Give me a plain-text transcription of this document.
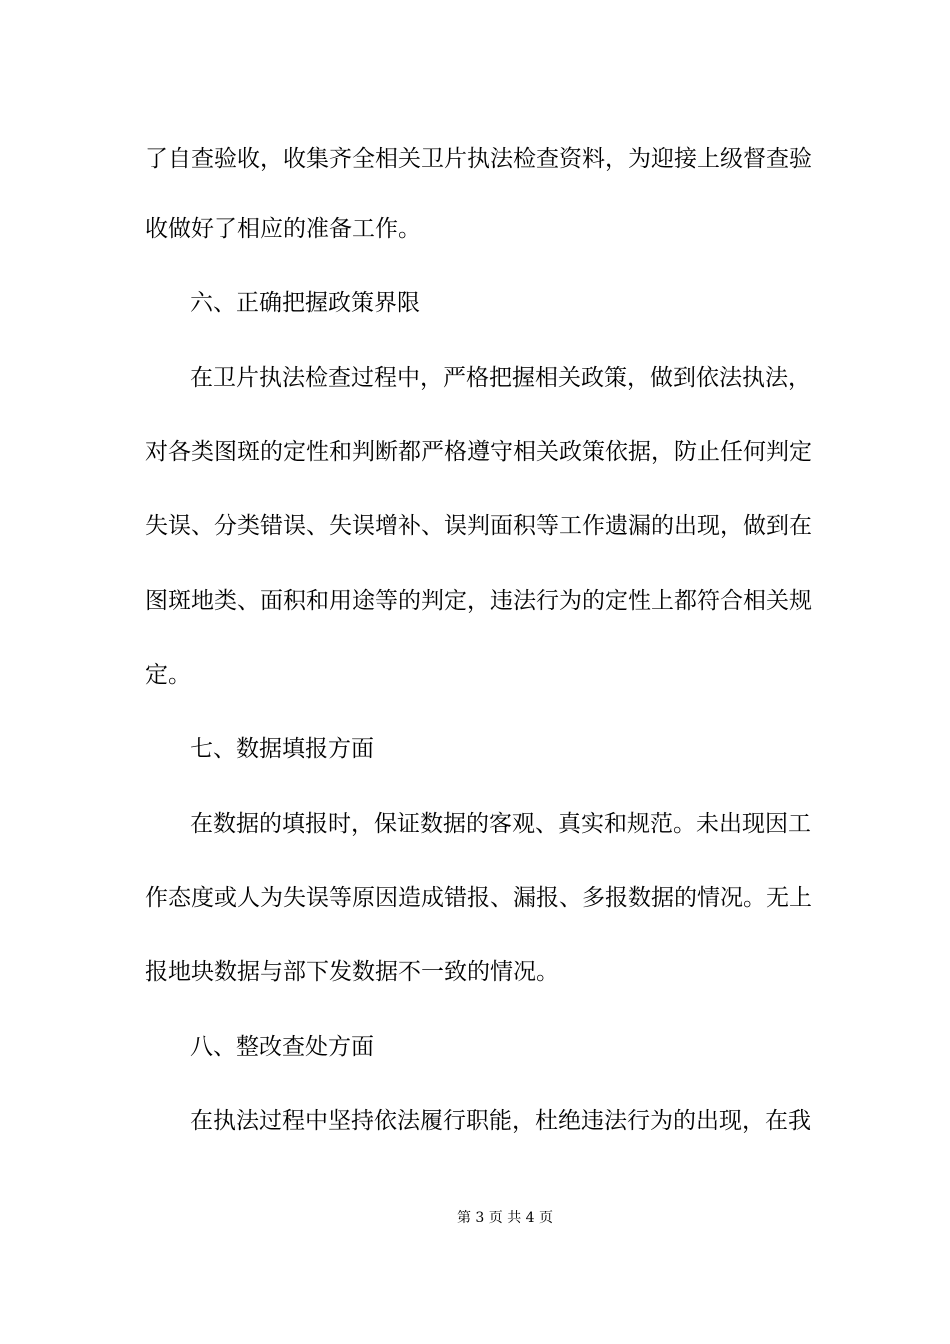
了自查验收，收集齐全相关卫片执法检查资料，为迎接上级督查验
收做好了相应的准备工作。
六、正确把握政策界限
在卫片执法检查过程中，严格把握相关政策，做到依法执法，
对各类图斑的定性和判断都严格遵守相关政策依据，防止任何判定
失误、分类错误、失误增补、误判面积等工作遗漏的出现，做到在
图斑地类、面积和用途等的判定，违法行为的定性上都符合相关规
定。
七、数据填报方面
在数据的填报时，保证数据的客观、真实和规范。未出现因工
作态度或人为失误等原因造成错报、漏报、多报数据的情况。无上
报地块数据与部下发数据不一致的情况。
八、整改查处方面
在执法过程中坚持依法履行职能，杜绝违法行为的出现，在我
第 3 页 共 4 页
